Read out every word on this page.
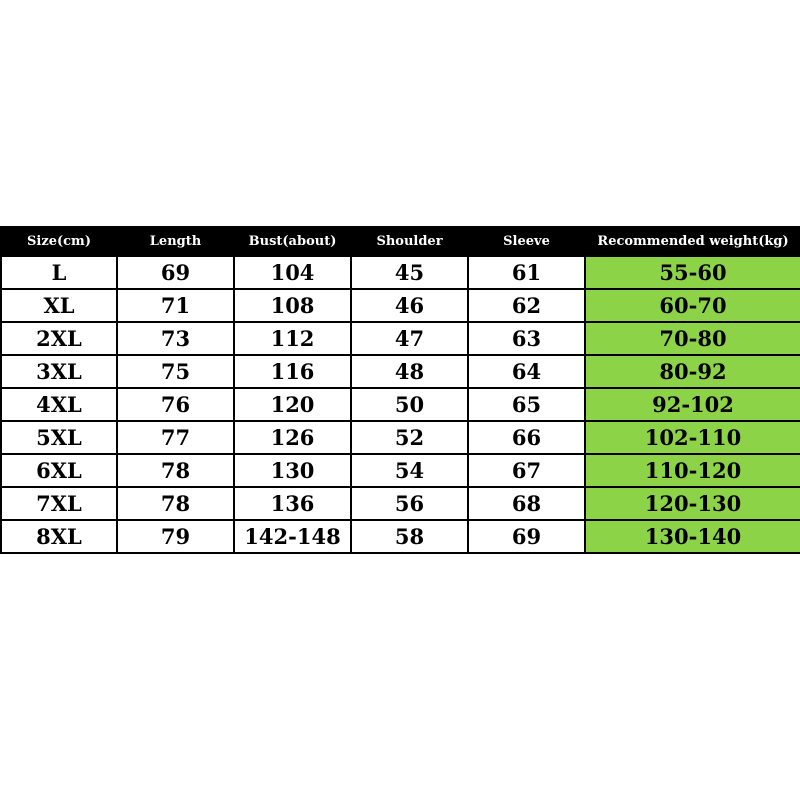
Size(cm)	Length	Bust(about)	Shoulder	Sleeve	Recommended weight(kg)
L	69	104	45	61	55-60
XL	71	108	46	62	60-70
2XL	73	112	47	63	70-80
3XL	75	116	48	64	80-92
4XL	76	120	50	65	92-102
5XL	77	126	52	66	102-110
6XL	78	130	54	67	110-120
7XL	78	136	56	68	120-130
8XL	79	142-148	58	69	130-140
